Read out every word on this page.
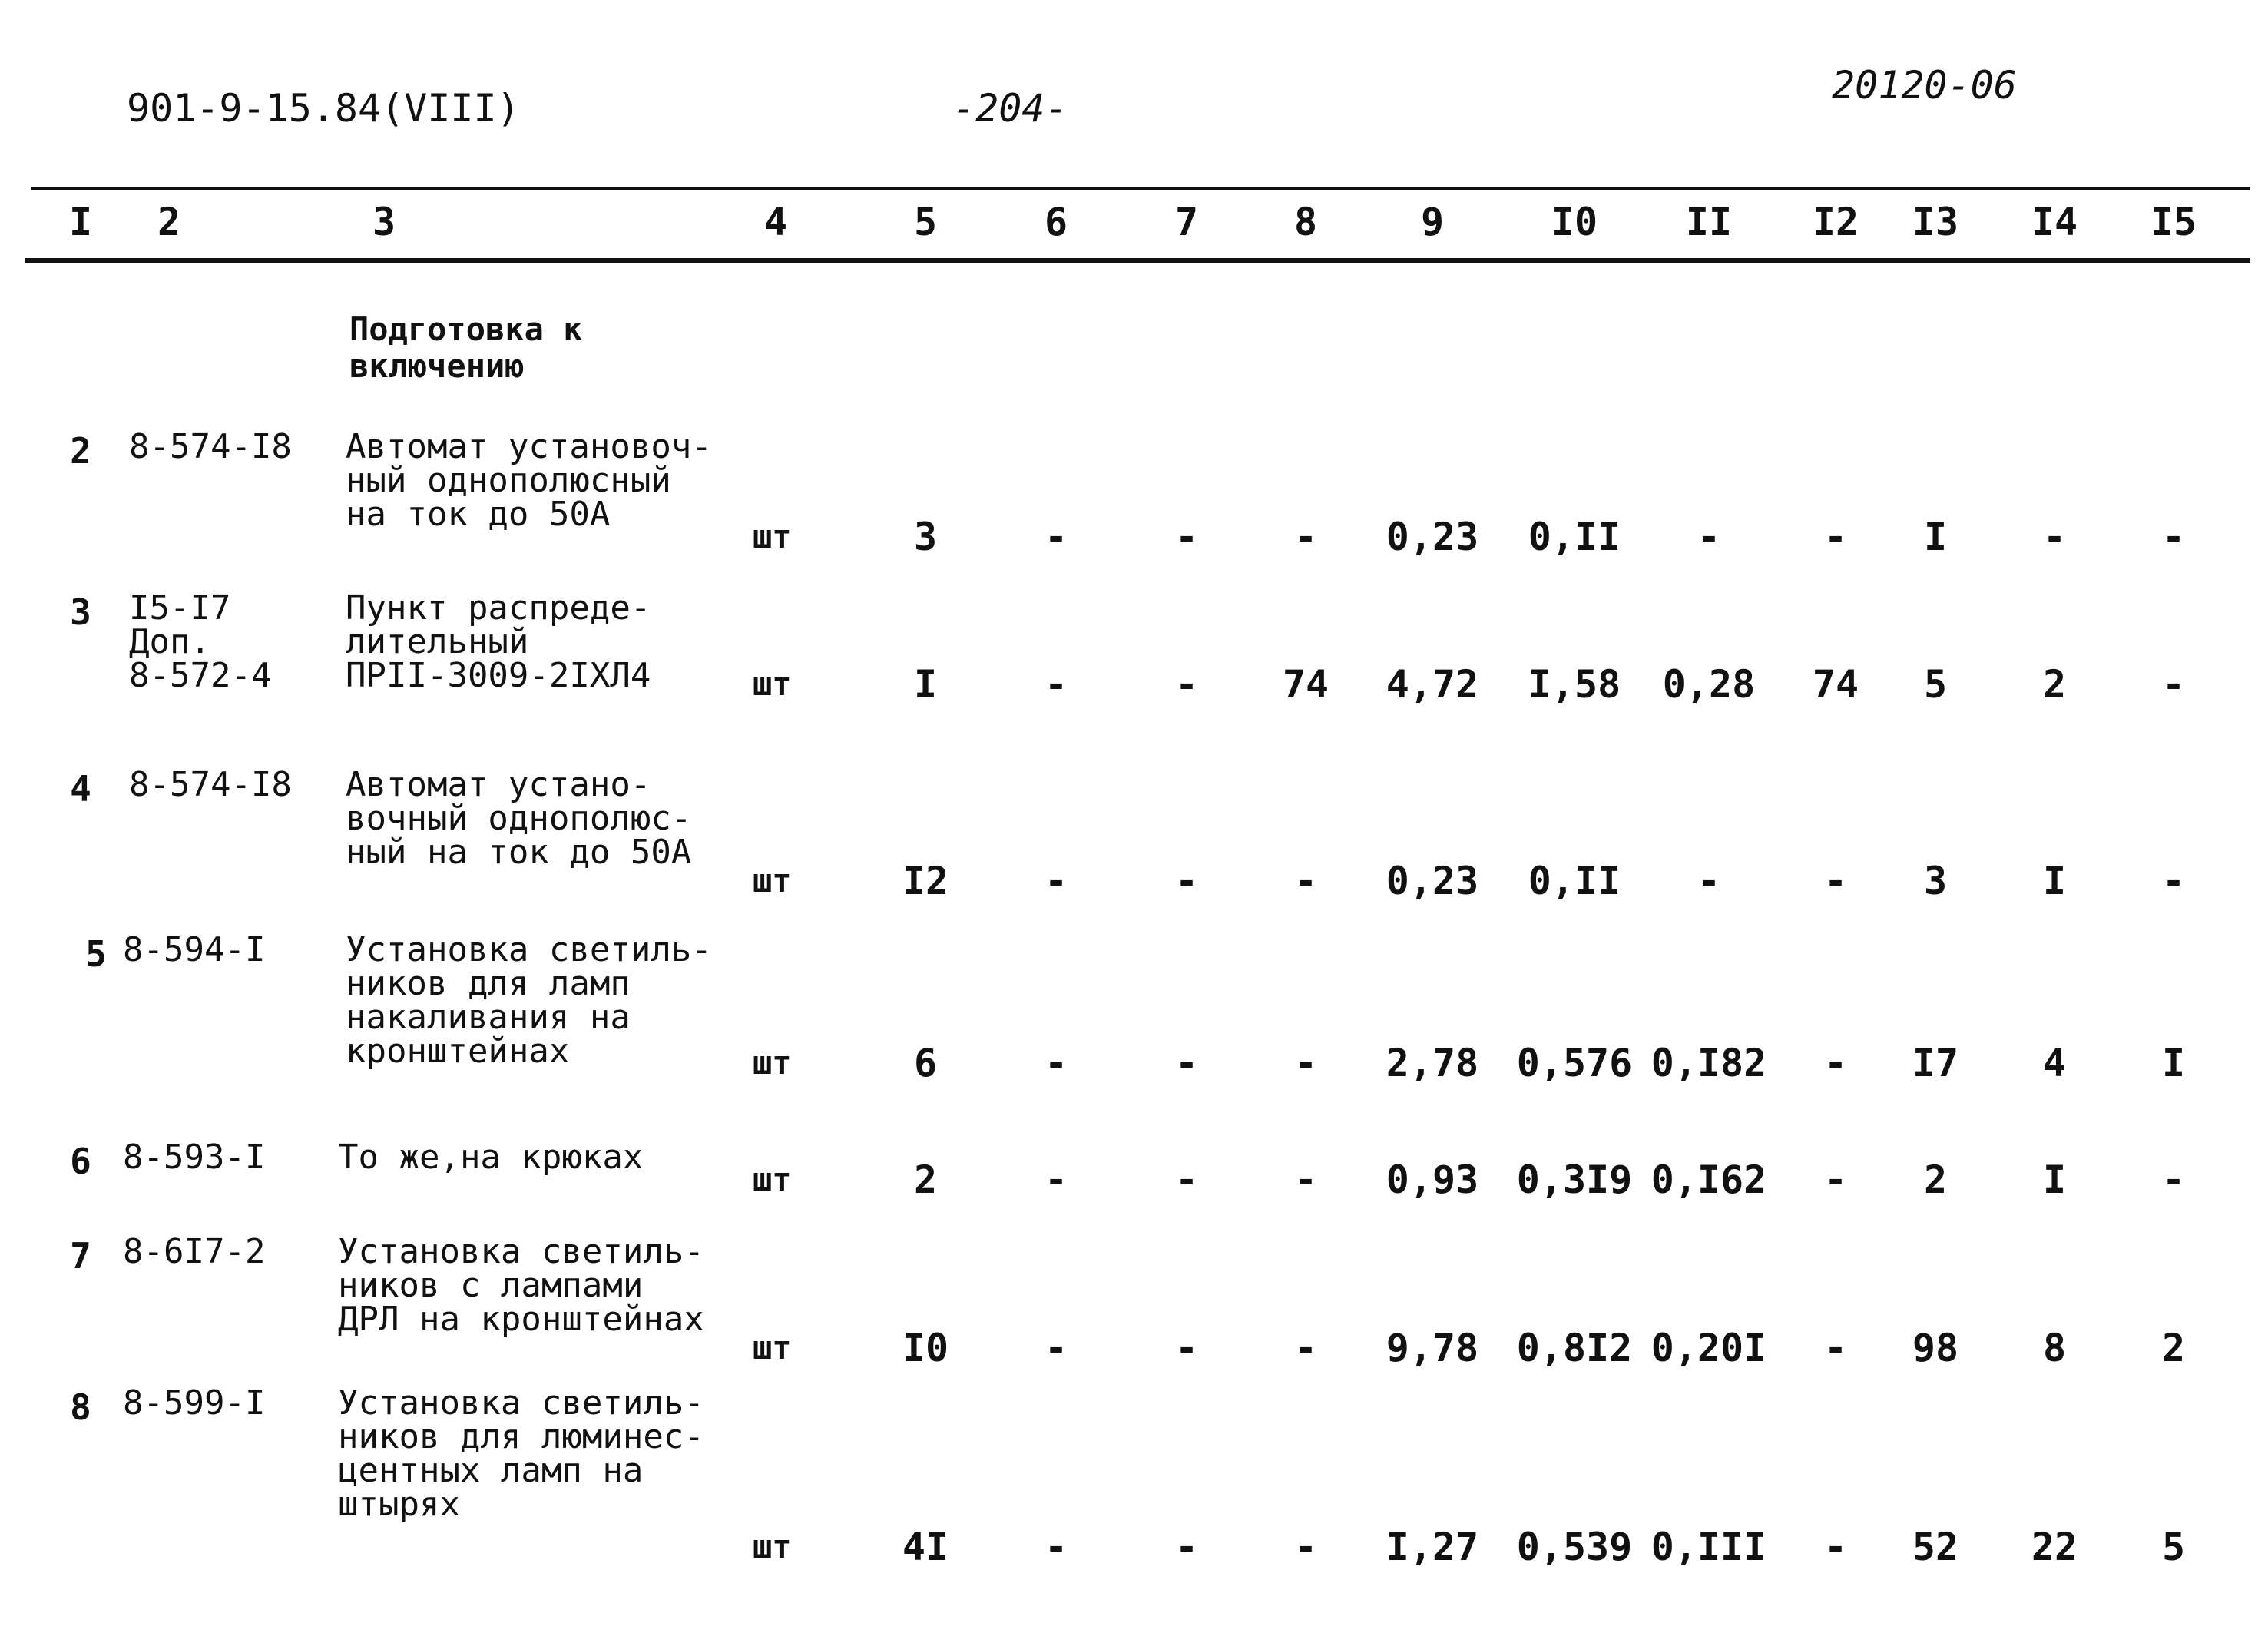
901-9-15.84(VIII)	-204-
20120-06
I	2	3	4	5	6	7	8	9	I0 II I2 I3 I4 I5
Подготовка к
включению
2	8-574-I8 Автомат установоч-
ный однополюсный
на ток до 50А
шт	3	-	-	-	0,23	0,II	-	-	I	-	-
3	I5-I7
Доп.
8-572-4
Пункт распреде-
лительный
ПРII-3009-2IХЛ4	шт	I	-	-	74	4,72	I,58	0,28	74	5	2	-
4	8-574-I8 Автомат устано-
вочный однополюс-
ный на ток до 50А
шт	I2	-	-	-	0,23	0,II	-	-	3	I	-
5 8-594-I Установка светиль-
ников для ламп
накаливания на
кронштейнах	шт	6	-	-	-	2,78 0,576 0,I82	-	I7	4	I
6 8-593-I То же,на крюках
шт	2	-	-	-	0,93 0,3I9 0,I62	-	2	I	-
7 8-6I7-2 Установка светиль-
ников с лампами
ДРЛ на кронштейнах
шт	I0	-	-	-	9,78 0,8I2 0,20I	-	98	8	2
8 8-599-I Установка светиль-
ников для люминес-
центных ламп на
штырях
шт	4I	-	-	-	I,27 0,539 0,III	-	52	22	5
